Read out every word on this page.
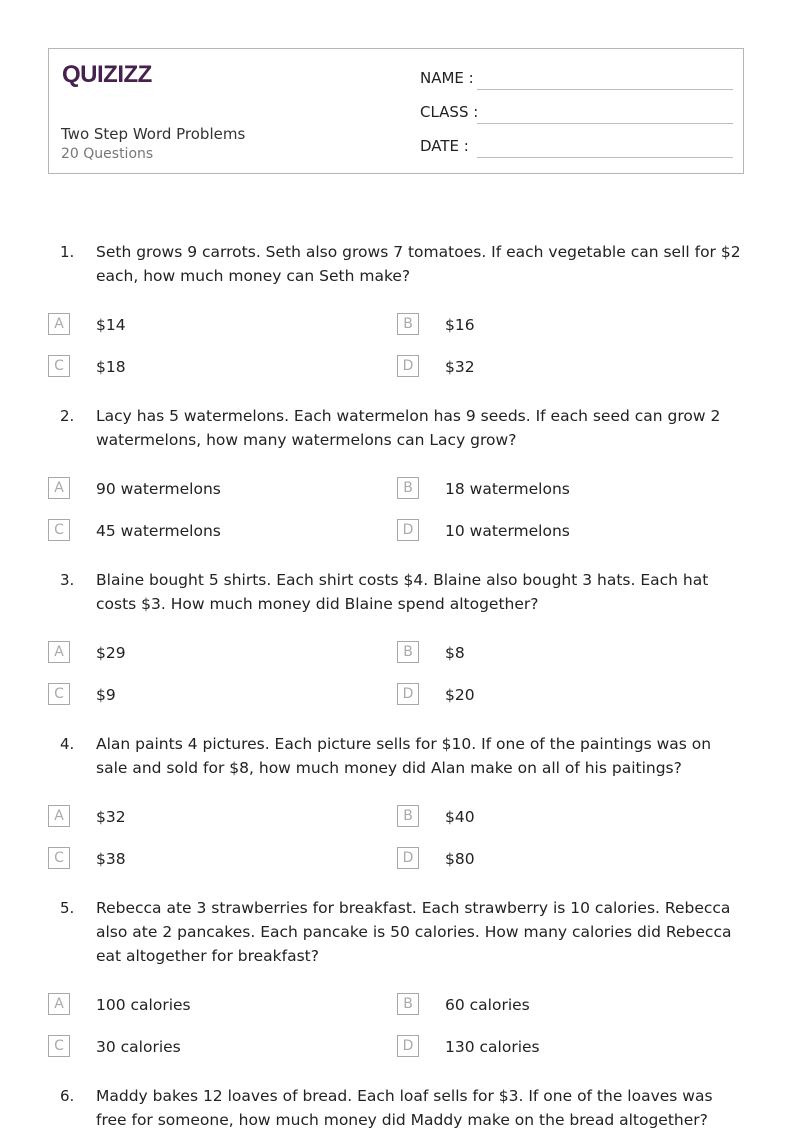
QUIZIZZ
Two Step Word Problems
20 Questions
NAME :
CLASS :
DATE :
1. Seth grows 9 carrots. Seth also grows 7 tomatoes. If each vegetable can sell for $2 each, how much money can Seth make?
A	$14	B	$16
C	$18	D	$32
2. Lacy has 5 watermelons. Each watermelon has 9 seeds. If each seed can grow 2 watermelons, how many watermelons can Lacy grow?
A	90 watermelons	B	18 watermelons
C	45 watermelons	D	10 watermelons
3. Blaine bought 5 shirts. Each shirt costs $4. Blaine also bought 3 hats. Each hat costs $3. How much money did Blaine spend altogether?
A	$29	B	$8
C	$9	D	$20
4. Alan paints 4 pictures. Each picture sells for $10. If one of the paintings was on sale and sold for $8, how much money did Alan make on all of his paitings?
A	$32	B	$40
C	$38	D	$80
5. Rebecca ate 3 strawberries for breakfast. Each strawberry is 10 calories. Rebecca also ate 2 pancakes. Each pancake is 50 calories. How many calories did Rebecca eat altogether for breakfast?
A	100 calories	B	60 calories
C	30 calories	D	130 calories
6. Maddy bakes 12 loaves of bread. Each loaf sells for $3. If one of the loaves was free for someone, how much money did Maddy make on the bread altogether?
